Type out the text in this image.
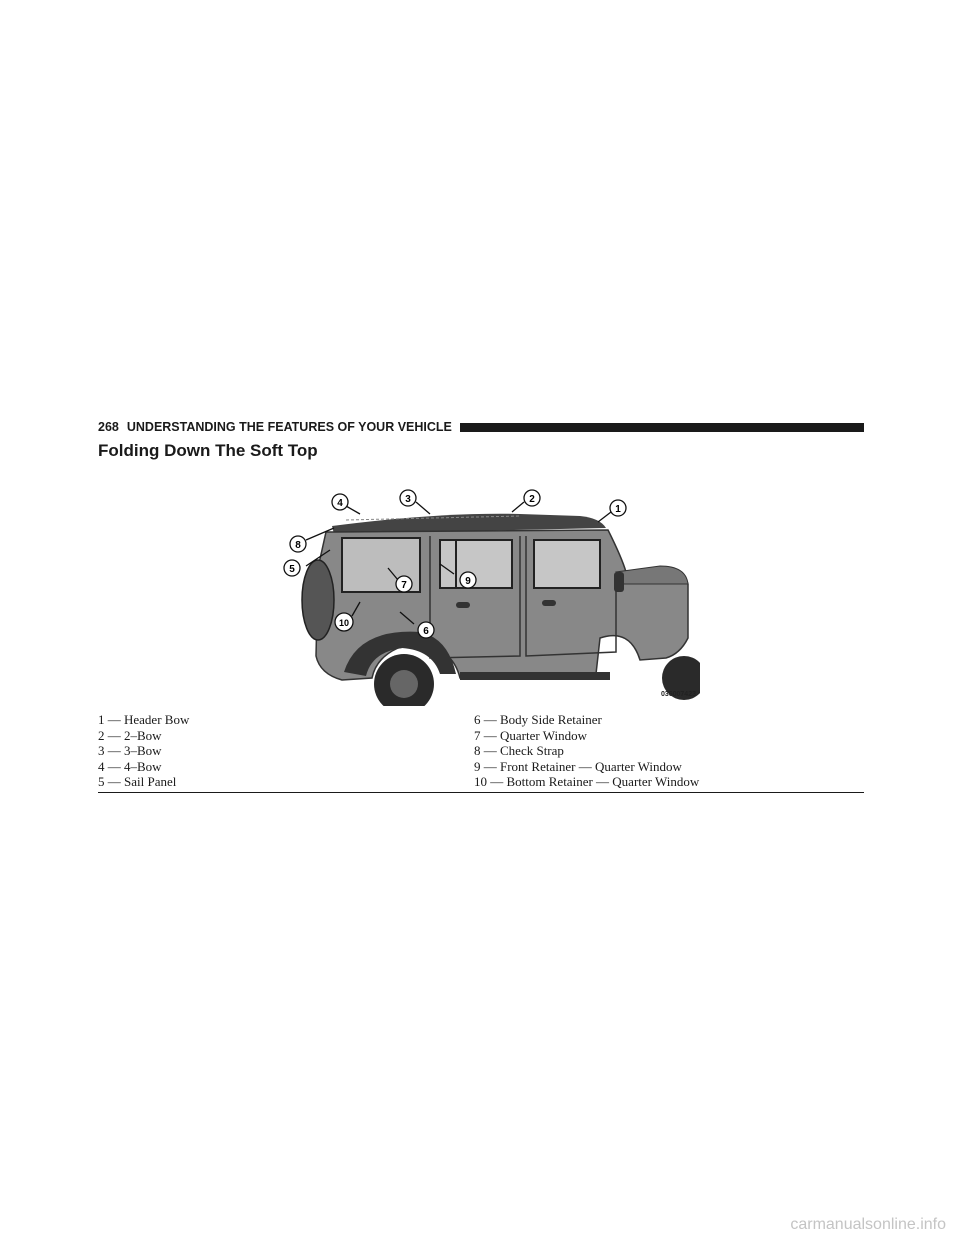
268 UNDERSTANDING THE FEATURES OF YOUR VEHICLE
Folding Down The Soft Top
1
2
3
4
8
5
7	9
10
6
036007423
1 — Header Bow
2 — 2–Bow
3 — 3–Bow
4 — 4–Bow
5 — Sail Panel
6 — Body Side Retainer
7 — Quarter Window
8 — Check Strap
9 — Front Retainer — Quarter Window
10 — Bottom Retainer — Quarter Window
carmanualsonline.info
